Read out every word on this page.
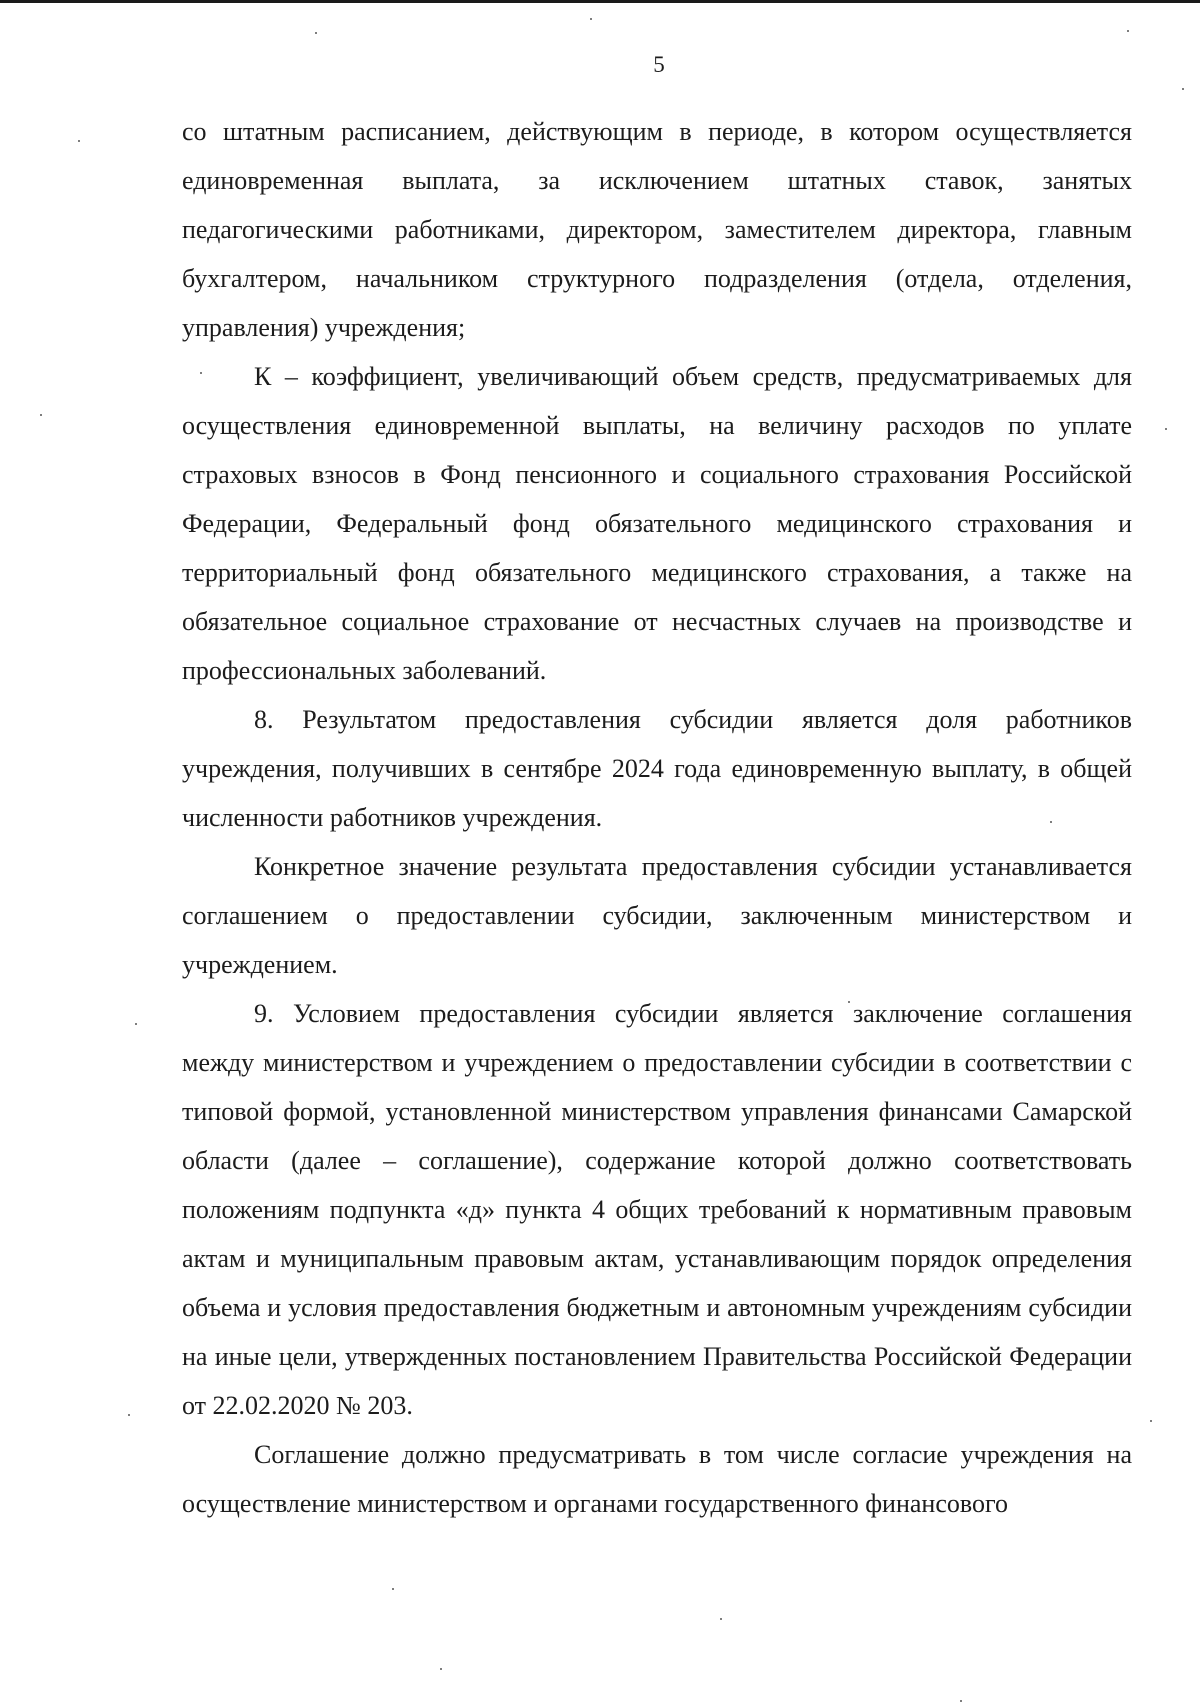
5

со штатным расписанием, действующим в периоде, в котором осуществляется единовременная выплата, за исключением штатных ставок, занятых педагогическими работниками, директором, заместителем директора, главным бухгалтером, начальником структурного подразделения (отдела, отделения, управления) учреждения;

К – коэффициент, увеличивающий объем средств, предусматриваемых для осуществления единовременной выплаты, на величину расходов по уплате страховых взносов в Фонд пенсионного и социального страхования Российской Федерации, Федеральный фонд обязательного медицинского страхования и территориальный фонд обязательного медицинского страхования, а также на обязательное социальное страхование от несчастных случаев на производстве и профессиональных заболеваний.

8. Результатом предоставления субсидии является доля работников учреждения, получивших в сентябре 2024 года единовременную выплату, в общей численности работников учреждения.

Конкретное значение результата предоставления субсидии устанавливается соглашением о предоставлении субсидии, заключенным министерством и учреждением.

9. Условием предоставления субсидии является заключение соглашения между министерством и учреждением о предоставлении субсидии в соответствии с типовой формой, установленной министерством управления финансами Самарской области (далее – соглашение), содержание которой должно соответствовать положениям подпункта «д» пункта 4 общих требований к нормативным правовым актам и муниципальным правовым актам, устанавливающим порядок определения объема и условия предоставления бюджетным и автономным учреждениям субсидии на иные цели, утвержденных постановлением Правительства Российской Федерации от 22.02.2020 № 203.

Соглашение должно предусматривать в том числе согласие учреждения на осуществление министерством и органами государственного финансового
